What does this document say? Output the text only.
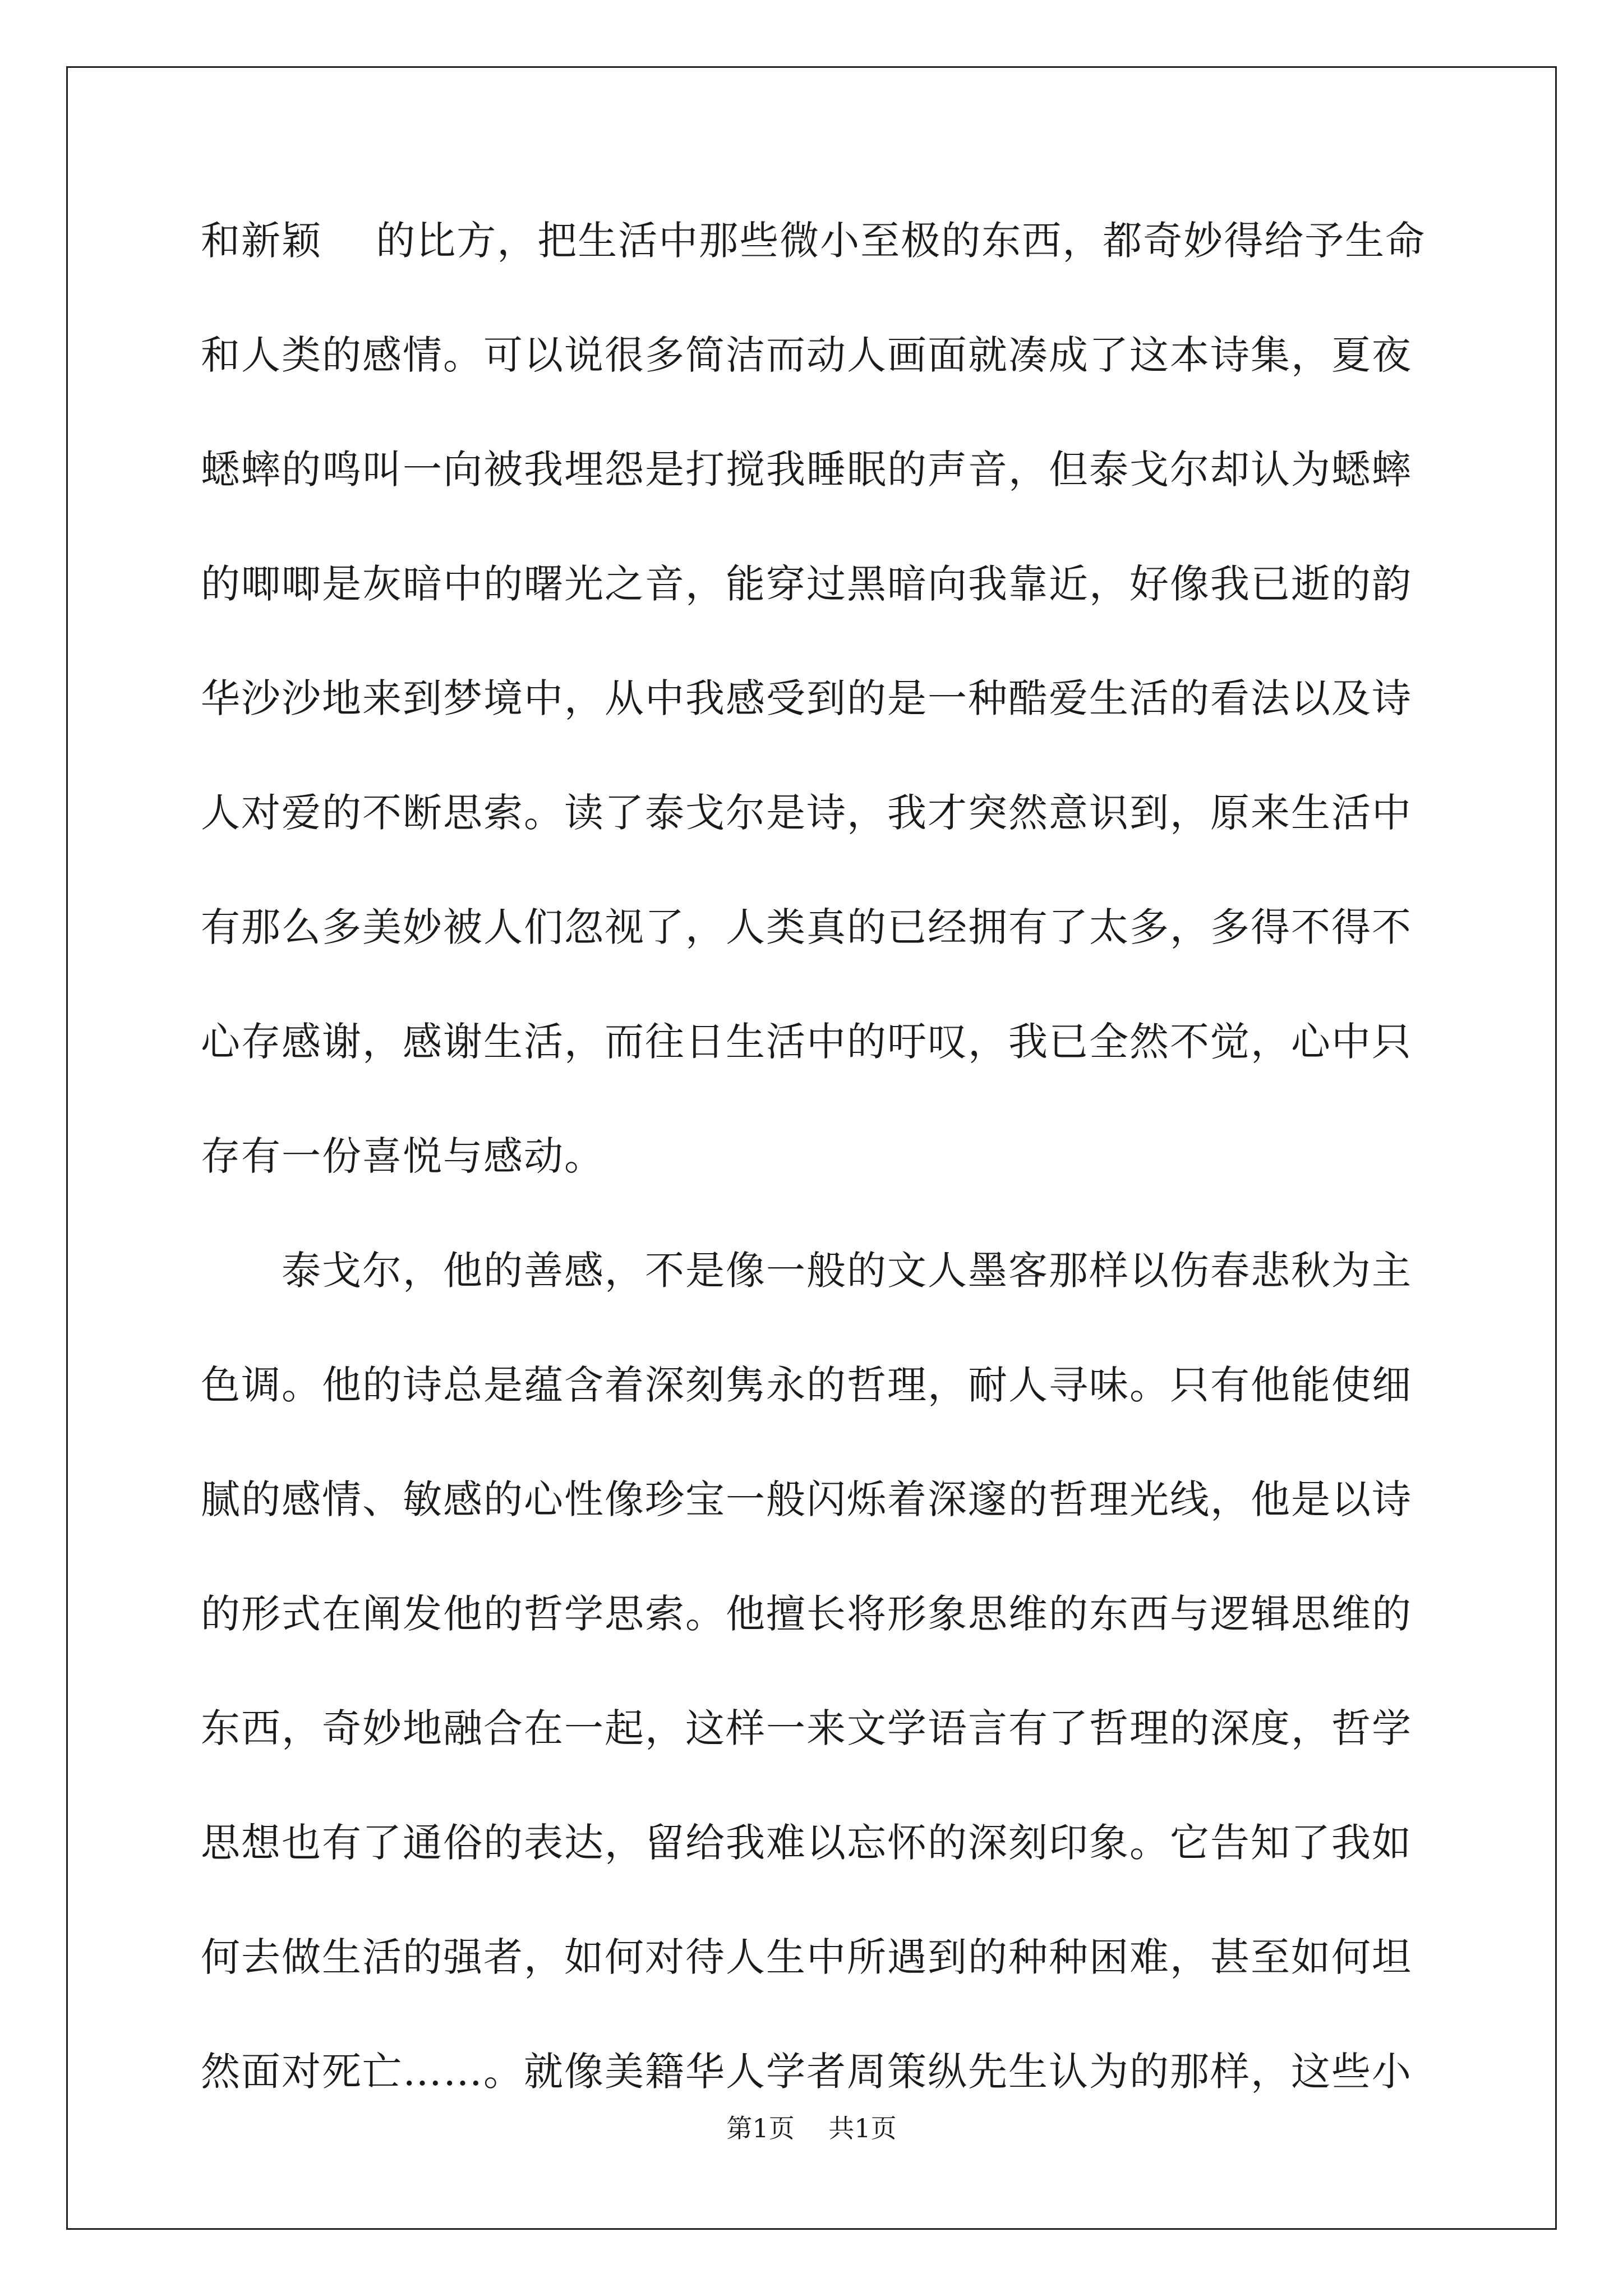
和新颖　 的比方，把生活中那些微小至极的东西，都奇妙得给予生命
和人类的感情。可以说很多简洁而动人画面就凑成了这本诗集，夏夜
蟋蟀的鸣叫一向被我埋怨是打搅我睡眠的声音，但泰戈尔却认为蟋蟀
的唧唧是灰暗中的曙光之音，能穿过黑暗向我靠近，好像我已逝的韵
华沙沙地来到梦境中，从中我感受到的是一种酷爱生活的看法以及诗
人对爱的不断思索。读了泰戈尔是诗，我才突然意识到，原来生活中
有那么多美妙被人们忽视了，人类真的已经拥有了太多，多得不得不
心存感谢，感谢生活，而往日生活中的吁叹，我已全然不觉，心中只
存有一份喜悦与感动。
　　泰戈尔，他的善感，不是像一般的文人墨客那样以伤春悲秋为主
色调。他的诗总是蕴含着深刻隽永的哲理，耐人寻味。只有他能使细
腻的感情、敏感的心性像珍宝一般闪烁着深邃的哲理光线，他是以诗
的形式在阐发他的哲学思索。他擅长将形象思维的东西与逻辑思维的
东西，奇妙地融合在一起，这样一来文学语言有了哲理的深度，哲学
思想也有了通俗的表达，留给我难以忘怀的深刻印象。它告知了我如
何去做生活的强者，如何对待人生中所遇到的种种困难，甚至如何坦
然面对死亡……。就像美籍华人学者周策纵先生认为的那样，这些小
第1页　 共1页
